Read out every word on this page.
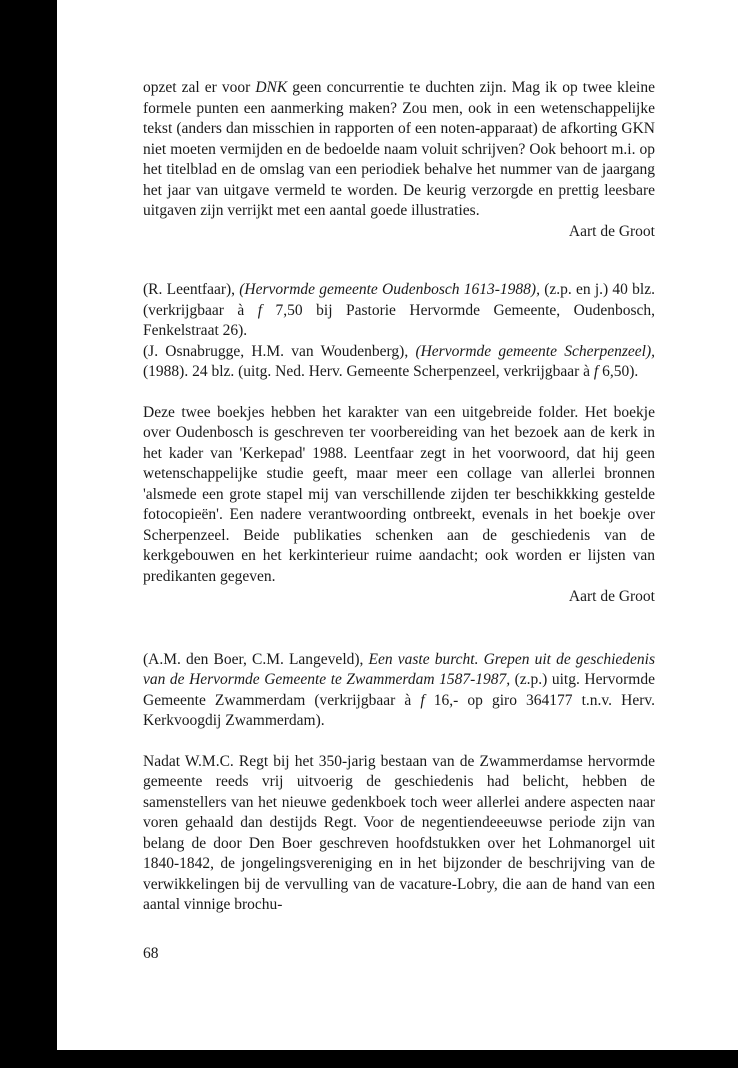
opzet zal er voor DNK geen concurrentie te duchten zijn. Mag ik op twee kleine formele punten een aanmerking maken? Zou men, ook in een wetenschappelijke tekst (anders dan misschien in rapporten of een noten-apparaat) de afkorting GKN niet moeten vermijden en de bedoelde naam voluit schrijven? Ook behoort m.i. op het titelblad en de omslag van een periodiek behalve het nummer van de jaargang het jaar van uitgave vermeld te worden. De keurig verzorgde en prettig leesbare uitgaven zijn verrijkt met een aantal goede illustraties.

Aart de Groot

(R. Leentfaar), (Hervormde gemeente Oudenbosch 1613-1988), (z.p. en j.) 40 blz. (verkrijgbaar à f 7,50 bij Pastorie Hervormde Gemeente, Oudenbosch, Fenkelstraat 26).

(J. Osnabrugge, H.M. van Woudenberg), (Hervormde gemeente Scherpenzeel), (1988). 24 blz. (uitg. Ned. Herv. Gemeente Scherpenzeel, verkrijgbaar à f 6,50).

Deze twee boekjes hebben het karakter van een uitgebreide folder. Het boekje over Oudenbosch is geschreven ter voorbereiding van het bezoek aan de kerk in het kader van 'Kerkepad' 1988. Leentfaar zegt in het voorwoord, dat hij geen wetenschappelijke studie geeft, maar meer een collage van allerlei bronnen 'alsmede een grote stapel mij van verschillende zijden ter beschikkking gestelde fotocopieën'. Een nadere verantwoording ontbreekt, evenals in het boekje over Scherpenzeel. Beide publikaties schenken aan de geschiedenis van de kerkgebouwen en het kerkinterieur ruime aandacht; ook worden er lijsten van predikanten gegeven.

Aart de Groot

(A.M. den Boer, C.M. Langeveld), Een vaste burcht. Grepen uit de geschiedenis van de Hervormde Gemeente te Zwammerdam 1587-1987, (z.p.) uitg. Hervormde Gemeente Zwammerdam (verkrijgbaar à f 16,- op giro 364177 t.n.v. Herv. Kerkvoogdij Zwammerdam).

Nadat W.M.C. Regt bij het 350-jarig bestaan van de Zwammerdamse hervormde gemeente reeds vrij uitvoerig de geschiedenis had belicht, hebben de samenstellers van het nieuwe gedenkboek toch weer allerlei andere aspecten naar voren gehaald dan destijds Regt. Voor de negentiendeeeuwse periode zijn van belang de door Den Boer geschreven hoofdstukken over het Lohmanorgel uit 1840-1842, de jongelingsvereniging en in het bijzonder de beschrijving van de verwikkelingen bij de vervulling van de vacature-Lobry, die aan de hand van een aantal vinnige brochu-

68
